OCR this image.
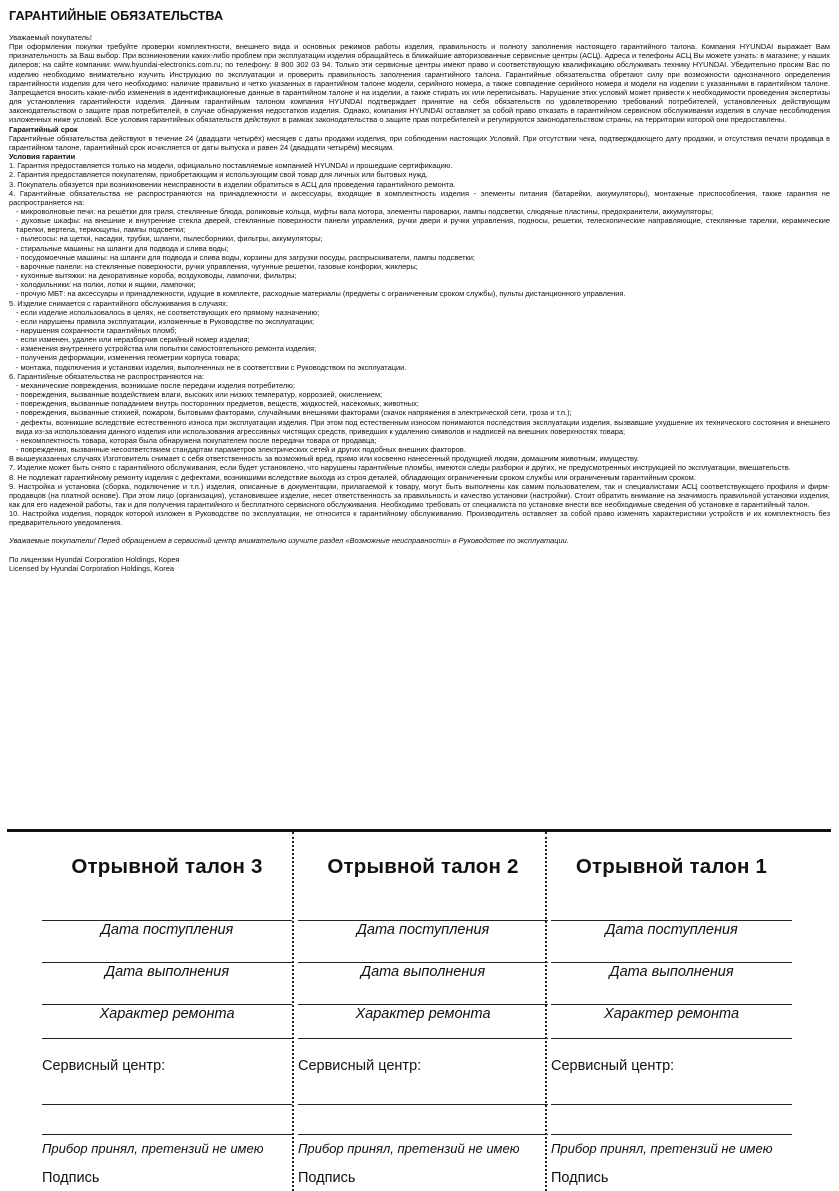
ГАРАНТИЙНЫЕ ОБЯЗАТЕЛЬСТВА

Уважаемый покупатель!

При оформлении покупки требуйте проверки комплектности, внешнего вида и основных режимов работы изделия, правильность и полноту заполнения настоящего гарантийного талона. Компания HYUNDAI выражает Вам признательность за Ваш выбор. При возникновении каких-либо проблем при эксплуатации изделия обращайтесь в ближайшие авторизованные сервисные центры (АСЦ). Адреса и телефоны АСЦ Вы можете узнать: в магазине; у наших дилеров; на сайте компании: www.hyundai-electronics.com.ru; по телефону: 8 800 302 03 94. Только эти сервисные центры имеют право и соответствующую квалификацию обслуживать технику HYUNDAI. Убедительно просим Вас по изделию необходимо внимательно изучить Инструкцию по эксплуатации и проверить правильность заполнения гарантийного талона. Гарантийные обязательства обретают силу при возможности однозначного определения гарантийности изделия для чего необходимо: наличие правильно и четко указанных в гарантийном талоне модели, серийного номера, а также совпадение серийного номера и модели на изделии с указанными в гарантийном талоне. Запрещается вносить какие-либо изменения в идентификационные данные в гарантийном талоне и на изделии, а также стирать их или переписывать. Нарушение этих условий может привести к необходимости проведения экспертизы для установления гарантийности изделия. Данным гарантийным талоном компания HYUNDAI подтверждает принятие на себя обязательств по удовлетворению требований потребителей, установленных действующим законодательством о защите прав потребителей, в случае обнаружения недостатков изделия. Однако, компания HYUNDAI оставляет за собой право отказать в гарантийном сервисном обслуживании изделия в случае несоблюдения изложенных ниже условий. Все условия гарантийных обязательств действуют в рамках законодательства о защите прав потребителей и регулируются законодательством страны, на территории которой они предоставлены.

Гарантийный срок

Гарантийные обязательства действуют в течение 24 (двадцати четырёх) месяцев с даты продажи изделия, при соблюдении настоящих Условий. При отсутствии чека, подтверждающего дату продажи, и отсутствия печати продавца в гарантийном талоне, гарантийный срок исчисляется от даты выпуска и равен 24 (двадцати четырём) месяцам.

Условия гарантии

1. Гарантия предоставляется только на модели, официально поставляемые компанией HYUNDAI и прошедшие сертификацию.

2. Гарантия предоставляется покупателям, приобретающим и использующим свой товар для личных или бытовых нужд.

3. Покупатель обязуется при возникновении неисправности в изделии обратиться в АСЦ для проведения гарантийного ремонта.

4. Гарантийные обязательства не распространяются на принадлежности и аксессуары, входящие в комплектность изделия - элементы питания (батарейки, аккумуляторы), монтажные приспособления, также гарантия не распространяется на:

- микроволновые печи: на решётки для гриля, стеклянные блюда, роликовые кольца, муфты вала мотора, элементы пароварки, лампы подсветки, слюдяные пластины, предохранители, аккумуляторы;

- духовые шкафы: на внешние и внутренние стекла дверей, стеклянные поверхности панели управления, ручки двери и ручки управления, подносы, решетки, телескопические направляющие, стеклянные тарелки, керамические тарелки, вертела, термощупы, лампы подсветки;

- пылесосы: на щетки, насадки, трубки, шланги, пылесборники, фильтры, аккумуляторы;

- стиральные машины: на шланги для подвода и слива воды;

- посудомоечные машины: на шланги для подвода и слива воды, корзины для загрузки посуды, распрыскиватели, лампы подсветки;

- варочные панели: на стеклянные поверхности, ручки управления, чугунные решетки, газовые конфорки, жиклеры;

- кухонные вытяжки: на декоративные короба, воздуховоды, лампочки, фильтры;

- холодильники: на полки, лотки и ящики, лампочки;

- прочую МБТ: на аксессуары и принадлежности, идущие в комплекте, расходные материалы (предметы с ограниченным сроком службы), пульты дистанционного управления.

5. Изделие снимается с гарантийного обслуживания в случаях:

- если изделие использовалось в целях, не соответствующих его прямому назначению;

- если нарушены правила эксплуатации, изложенные в Руководстве по эксплуатации;

- нарушения сохранности гарантийных пломб;

- если изменен, удален или неразборчив серийный номер изделия;

- изменения внутреннего устройства или попытки самостоятельного ремонта изделия;

- получения деформации, изменения геометрии корпуса товара;

- монтажа, подключения и установки изделия, выполненных не в соответствии с Руководством по эксплуатации.

6. Гарантийные обязательства не распространяются на:

- механические повреждения, возникшие после передачи изделия потребителю;

- повреждения, вызванные воздействием влаги, высоких или низких температур, коррозией, окислением;

- повреждения, вызванные попаданием внутрь посторонних предметов, веществ, жидкостей, насекомых, животных;

- повреждения, вызванные стихией, пожаром, бытовыми факторами, случайными внешними факторами (скачок напряжения в электрической сети, гроза и т.п.);

- дефекты, возникшие вследствие естественного износа при эксплуатации изделия. При этом под естественным износом понимаются последствия эксплуатации изделия, вызвавшие ухудшение их технического состояния и внешнего вида из-за использования данного изделия или использования агрессивных чистящих средств, приведших к удалению символов и надписей на внешних поверхностях товара;

- некомплектность товара, которая была обнаружена покупателем после передачи товара от продавца;

- повреждения, вызванные несоответствием стандартам параметров электрических сетей и других подобных внешних факторов.

В вышеуказанных случаях Изготовитель снимает с себя ответственность за возможный вред, прямо или косвенно нанесенный продукцией людям, домашним животным, имуществу.

7. Изделие может быть снято с гарантийного обслуживания, если будет установлено, что нарушены гарантийные пломбы, имеются следы разборки и других, не предусмотренных инструкцией по эксплуатации, вмешательств.

8. Не подлежат гарантийному ремонту изделия с дефектами, возникшими вследствие выхода из строя деталей, обладающих ограниченным сроком службы или ограниченным гарантийным сроком.

9. Настройка и установка (сборка, подключение и т.п.) изделия, описанные в документации, прилагаемой к товару, могут быть выполнены как самим пользователем, так и специалистами АСЦ соответствующего профиля и фирм-продавцов (на платной основе). При этом лицо (организация), установившее изделие, несет ответственность за правильность и качество установки (настройки). Стоит обратить внимание на значимость правильной установки изделия, как для его надежной работы, так и для получения гарантийного и бесплатного сервисного обслуживания. Необходимо требовать от специалиста по установке внести все необходимые сведения об установке в гарантийный талон.

10. Настройка изделия, порядок которой изложен в Руководстве по эксплуатации, не относится к гарантийному обслуживанию. Производитель оставляет за собой право изменять характеристики устройств и их комплектность без предварительного уведомления.

Уважаемые покупатели! Перед обращением в сервисный центр внимательно изучите раздел «Возможные неисправности» в Руководстве по эксплуатации.

По лицензии Hyundai Corporation Holdings, Корея

Licensed by Hyundai Corporation Holdings, Korea

Отрывной талон 3
Дата поступления
Дата выполнения
Характер ремонта
Сервисный центр:
Прибор принял, претензий не имею
Подпись
Отрывной талон 2
Дата поступления
Дата выполнения
Характер ремонта
Сервисный центр:
Прибор принял, претензий не имею
Подпись
Отрывной талон 1
Дата поступления
Дата выполнения
Характер ремонта
Сервисный центр:
Прибор принял, претензий не имею
Подпись
